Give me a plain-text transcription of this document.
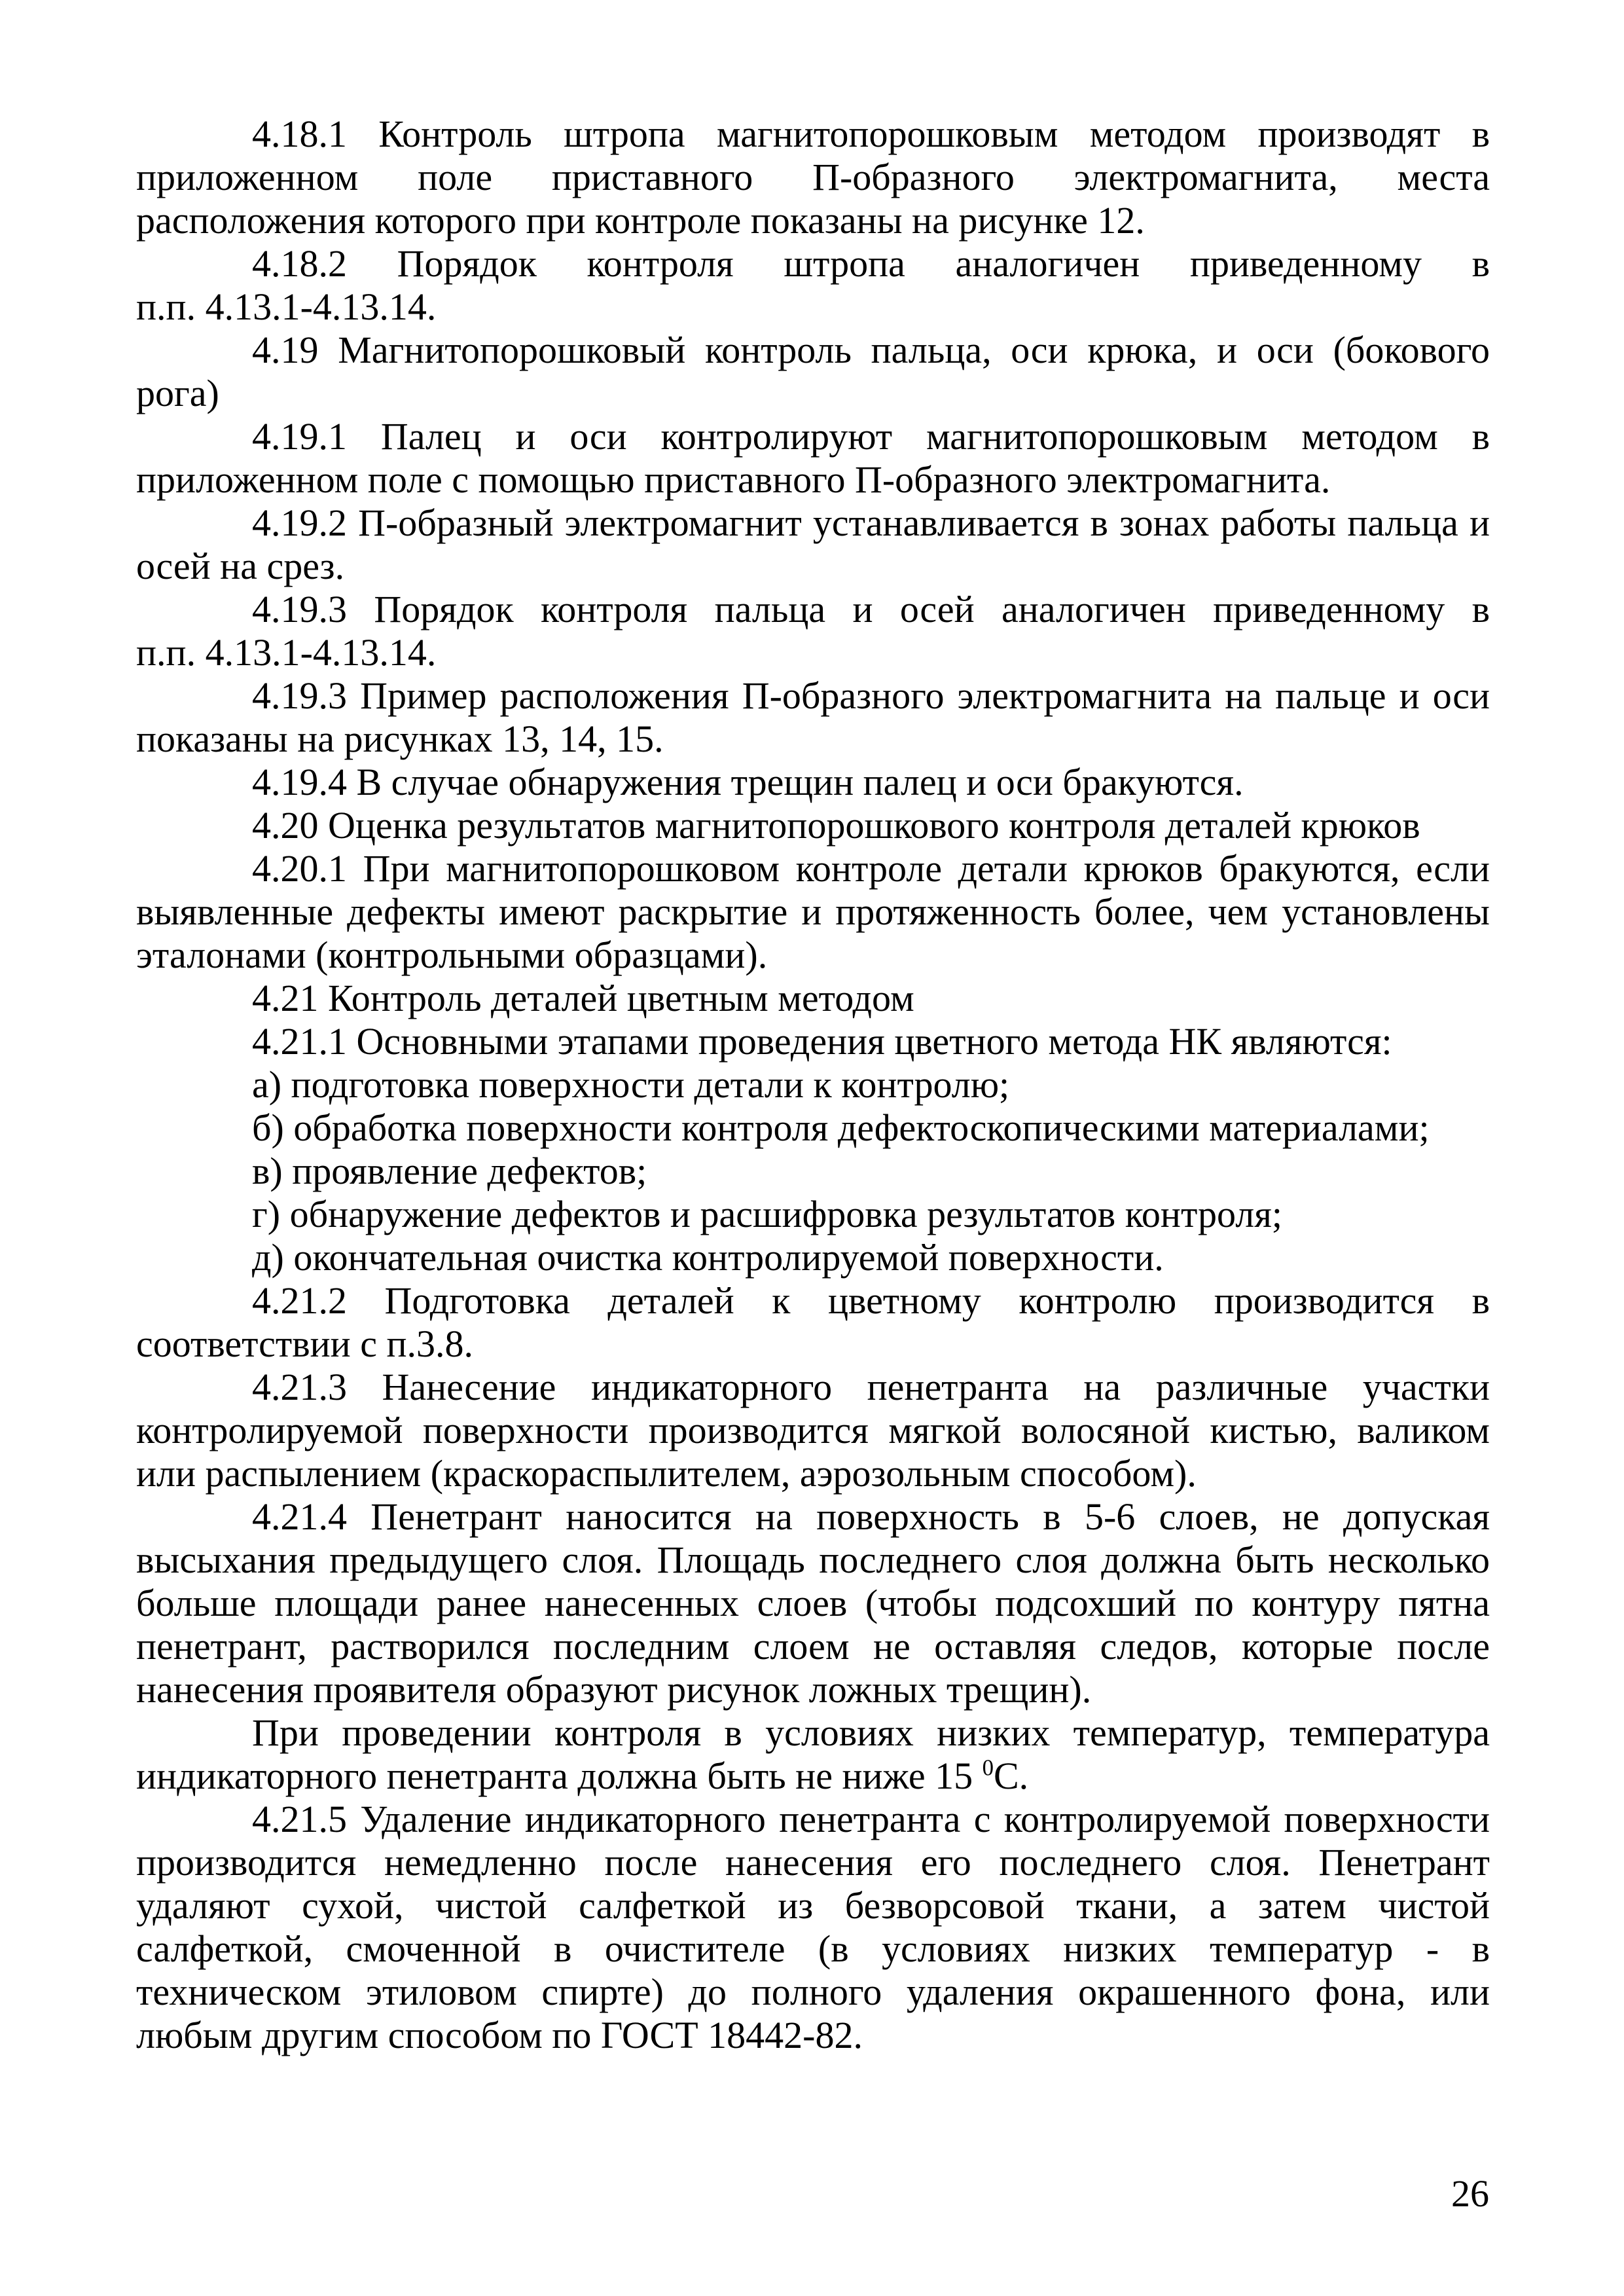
4.18.1 Контроль штропа магнитопорошковым методом производят в
приложенном поле приставного П-образного электромагнита, места
расположения которого при контроле показаны на рисунке 12.

4.18.2 Порядок контроля штропа аналогичен приведенному в
п.п. 4.13.1-4.13.14.

4.19 Магнитопорошковый контроль пальца, оси крюка, и оси (бокового
рога)

4.19.1 Палец и оси контролируют магнитопорошковым методом в
приложенном поле с помощью приставного П-образного электромагнита.

4.19.2 П-образный электромагнит устанавливается в зонах работы пальца и
осей на срез.

4.19.3 Порядок контроля пальца и осей аналогичен приведенному в
п.п. 4.13.1-4.13.14.

4.19.3 Пример расположения П-образного электромагнита на пальце и оси
показаны на рисунках 13, 14, 15.

4.19.4 В случае обнаружения трещин палец и оси бракуются.

4.20 Оценка результатов магнитопорошкового контроля деталей крюков

4.20.1 При магнитопорошковом контроле детали крюков бракуются, если
выявленные дефекты имеют раскрытие и протяженность более, чем установлены
эталонами (контрольными образцами).

4.21 Контроль деталей цветным методом

4.21.1 Основными этапами проведения цветного метода НК являются:

а) подготовка поверхности детали к контролю;

б) обработка поверхности контроля дефектоскопическими материалами;

в) проявление дефектов;

г) обнаружение дефектов и расшифровка результатов контроля;

д) окончательная очистка контролируемой поверхности.

4.21.2 Подготовка деталей к цветному контролю производится в
соответствии с п.3.8.

4.21.3 Нанесение индикаторного пенетранта на различные участки
контролируемой поверхности производится мягкой волосяной кистью, валиком
или распылением (краскораспылителем, аэрозольным способом).

4.21.4 Пенетрант наносится на поверхность в 5-6 слоев, не допуская
высыхания предыдущего слоя. Площадь последнего слоя должна быть несколько
больше площади ранее нанесенных слоев (чтобы подсохший по контуру пятна
пенетрант, растворился последним слоем не оставляя следов, которые после
нанесения проявителя образуют рисунок ложных трещин).

При проведении контроля в условиях низких температур, температура
индикаторного пенетранта должна быть не ниже 15 $^0$С.

4.21.5 Удаление индикаторного пенетранта с контролируемой поверхности
производится немедленно после нанесения его последнего слоя. Пенетрант
удаляют сухой, чистой салфеткой из безворсовой ткани, а затем чистой
салфеткой, смоченной в очистителе (в условиях низких температур - в
техническом этиловом спирте) до полного удаления окрашенного фона, или
любым другим способом по ГОСТ 18442-82.

26
